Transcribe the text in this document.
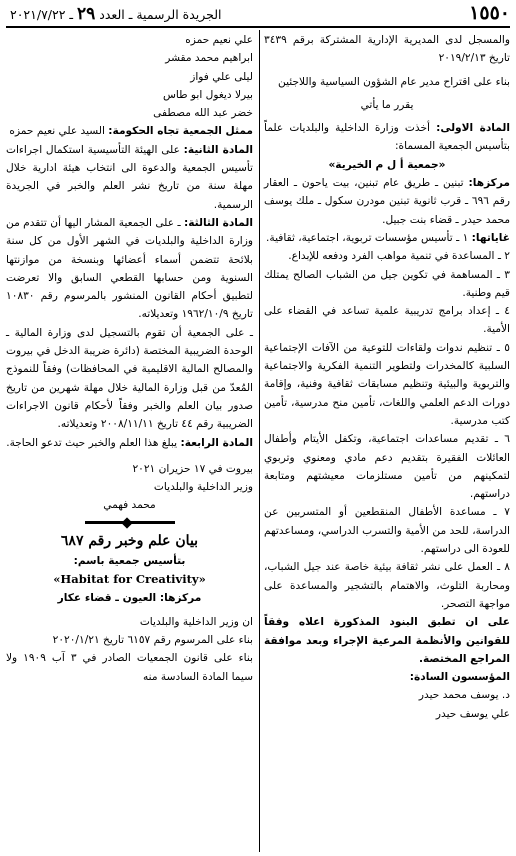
١٥٥٠
الجريدة الرسمية ـ العدد ٢٩ ـ ٢٠٢١/٧/٢٢

والمسجل لدى المديرية الإدارية المشتركة برقم ٣٤٣٩ تاريخ ٢٠١٩/٢/١٣

بناء على اقتراح مدير عام الشؤون السياسية واللاجئين

يقرر ما يأتي

المادة الاولى: أخذت وزارة الداخلية والبلديات علماً بتأسيس الجمعية المسماة:

«جمعية أ ل م الخيرية»

مركزها: تبنين ـ طريق عام تبنين، بيت ياحون ـ العقار رقم ٦٩٦ ـ قرب ثانوية تبنين مودرن سكول ـ ملك يوسف محمد حيدر ـ قضاء بنت جبيل.

غاياتها: ١ ـ تأسيس مؤسسات تربوية، اجتماعية، ثقافية.

٢ ـ المساعدة في تنمية مواهب الفرد ودفعه للإبداع.

٣ ـ المساهمة في تكوين جيل من الشباب الصالح يمتلك قيم وطنية.

٤ ـ إعداد برامج تدريبية علمية تساعد في القضاء على الأمية.

٥ ـ تنظيم ندوات ولقاءات للتوعية من الآفات الإجتماعية السلبية كالمخدرات ولتطوير التنمية الفكرية والاجتماعية والتربوية والبيئية وتنظيم مسابقات ثقافية وفنية، وإقامة دورات الدعم العلمي واللغات، تأمين منح مدرسية، تأمين كتب مدرسية.

٦ ـ تقديم مساعدات اجتماعية، وتكفل الأيتام وأطفال العائلات الفقيرة بتقديم دعم مادي ومعنوي وتربوي لتمكينهم من تأمين مستلزمات معيشتهم ومتابعة دراستهم.

٧ ـ مساعدة الأطفال المنقطعين أو المتسربين عن الدراسة، للحد من الأمية والتسرب الدراسي، ومساعدتهم للعودة الى دراستهم.

٨ ـ العمل على نشر ثقافة بيئية خاصة عند جيل الشباب، ومحاربة التلوث، والاهتمام بالتشجير والمساعدة على مواجهة التصحر.

على ان تطبق البنود المذكورة اعلاه وفقاً للقوانين والأنظمة المرعية الإجراء وبعد موافقة المراجع المختصة.

المؤسسون السادة:

د. يوسف محمد حيدر

علي يوسف حيدر

علي نعيم حمزه

ابراهيم محمد مقشر

ليلى علي فواز

بيرلا ديغول ابو طاس

خضر عبد الله مصطفى

ممثل الجمعية تجاه الحكومة: السيد علي نعيم حمزه

المادة الثانية: على الهيئة التأسيسية استكمال اجراءات تأسيس الجمعية والدعوة الى انتخاب هيئة ادارية خلال مهلة سنة من تاريخ نشر العلم والخبر في الجريدة الرسمية.

المادة الثالثة: ـ على الجمعية المشار اليها أن تتقدم من وزارة الداخلية والبلديات في الشهر الأول من كل سنة بلائحة تتضمن أسماء أعضائها وبنسخة من موازنتها السنوية ومن حسابها القطعي السابق والا تعرضت لتطبيق أحكام القانون المنشور بالمرسوم رقم ١٠٨٣٠ تاريخ ١٩٦٢/١٠/٩ وتعديلاته.

ـ على الجمعية أن تقوم بالتسجيل لدى وزارة المالية ـ الوحدة الضريبية المختصة (دائرة ضريبة الدخل في بيروت والمصالح المالية الاقليمية في المحافظات) وفقاً للنموذج المُعدّ من قبل وزارة المالية خلال مهلة شهرين من تاريخ صدور بيان العلم والخبر وفقاً لأحكام قانون الاجراءات الضريبية رقم ٤٤ تاريخ ٢٠٠٨/١١/١١ وتعديلاته.

المادة الرابعة: يبلغ هذا العلم والخبر حيث تدعو الحاجة.

بيروت في ١٧ حزيران ٢٠٢١

وزير الداخلية والبلديات

محمد فهمي

بيان علم وخبر رقم ٦٨٧

بتأسيس جمعية باسم:

«Habitat for Creativity»

مركزها: العيون ـ قضاء عكار

ان وزير الداخلية والبلديات

بناء على المرسوم رقم ٦١٥٧ تاريخ ٢٠٢٠/١/٢١

بناء على قانون الجمعيات الصادر في ٣ آب ١٩٠٩ ولا سيما المادة السادسة منه
